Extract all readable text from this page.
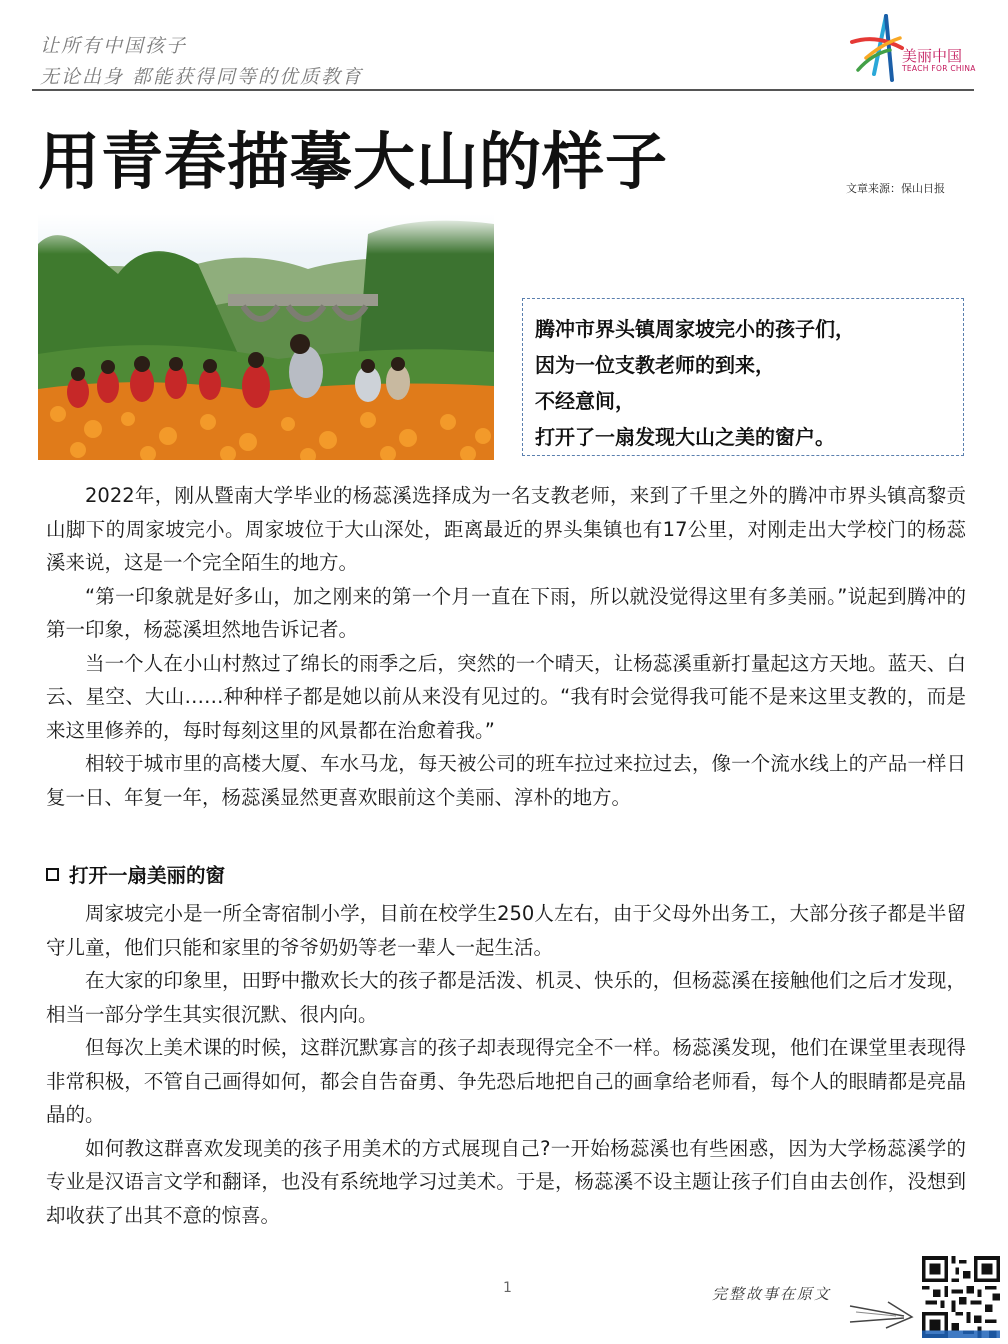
让所有中国孩子
无论出身 都能获得同等的优质教育
美丽中国
TEACH FOR CHINA
用青春描摹大山的样子	文章来源：保山日报
腾冲市界头镇周家坡完小的孩子们，
因为一位支教老师的到来，
不经意间，
打开了一扇发现大山之美的窗户。

2022年，刚从暨南大学毕业的杨蕊溪选择成为一名支教老师，来到了千里之外的腾冲市界头镇高黎贡山脚下的周家坡完小。周家坡位于大山深处，距离最近的界头集镇也有17公里，对刚走出大学校门的杨蕊溪来说，这是一个完全陌生的地方。

“第一印象就是好多山，加之刚来的第一个月一直在下雨，所以就没觉得这里有多美丽。”说起到腾冲的第一印象，杨蕊溪坦然地告诉记者。

当一个人在小山村熬过了绵长的雨季之后，突然的一个晴天，让杨蕊溪重新打量起这方天地。蓝天、白云、星空、大山……种种样子都是她以前从来没有见过的。“我有时会觉得我可能不是来这里支教的，而是来这里修养的，每时每刻这里的风景都在治愈着我。”

相较于城市里的高楼大厦、车水马龙，每天被公司的班车拉过来拉过去，像一个流水线上的产品一样日复一日、年复一年，杨蕊溪显然更喜欢眼前这个美丽、淳朴的地方。

打开一扇美丽的窗

周家坡完小是一所全寄宿制小学，目前在校学生250人左右，由于父母外出务工，大部分孩子都是半留守儿童，他们只能和家里的爷爷奶奶等老一辈人一起生活。

在大家的印象里，田野中撒欢长大的孩子都是活泼、机灵、快乐的，但杨蕊溪在接触他们之后才发现，相当一部分学生其实很沉默、很内向。

但每次上美术课的时候，这群沉默寡言的孩子却表现得完全不一样。杨蕊溪发现，他们在课堂里表现得非常积极，不管自己画得如何，都会自告奋勇、争先恐后地把自己的画拿给老师看，每个人的眼睛都是亮晶晶的。

如何教这群喜欢发现美的孩子用美术的方式展现自己?一开始杨蕊溪也有些困惑，因为大学杨蕊溪学的专业是汉语言文学和翻译，也没有系统地学习过美术。于是，杨蕊溪不设主题让孩子们自由去创作，没想到却收获了出其不意的惊喜。

1	完整故事在原文
